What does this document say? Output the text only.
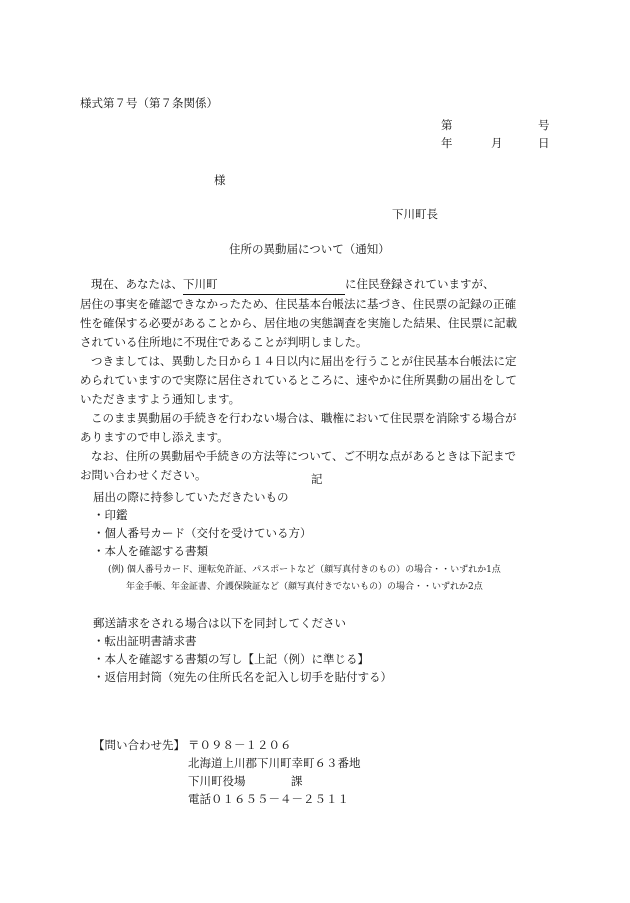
様式第７号（第７条関係）
第	号
年	月	日
様
下川町長
住所の異動届について（通知）
現在、あなたは、下川町	に住民登録されていますが、
居住の事実を確認できなかったため、住民基本台帳法に基づき、住民票の記録の正確
性を確保する必要があることから、居住地の実態調査を実施した結果、住民票に記載
されている住所地に不現住であることが判明しました。
つきましては、異動した日から１４日以内に届出を行うことが住民基本台帳法に定
められていますので実際に居住されているところに、速やかに住所異動の届出をして
いただきますよう通知します。
このまま異動届の手続きを行わない場合は、職権において住民票を消除する場合が
ありますので申し添えます。
なお、住所の異動届や手続きの方法等について、ご不明な点があるときは下記まで
お問い合わせください。	記
届出の際に持参していただきたいもの
・印鑑
・個人番号カード（交付を受けている方）
・本人を確認する書類
(例) 個人番号カード、運転免許証、パスポートなど（顔写真付きのもの）の場合・・いずれか1点
年金手帳、年金証書、介護保険証など（顔写真付きでないもの）の場合・・いずれか2点
郵送請求をされる場合は以下を同封してください
・転出証明書請求書
・本人を確認する書類の写し【上記（例）に準じる】
・返信用封筒（宛先の住所氏名を記入し切手を貼付する）
【問い合わせ先】 〒０９８－１２０６
北海道上川郡下川町幸町６３番地
下川町役場	課
電話０１６５５－４－２５１１
